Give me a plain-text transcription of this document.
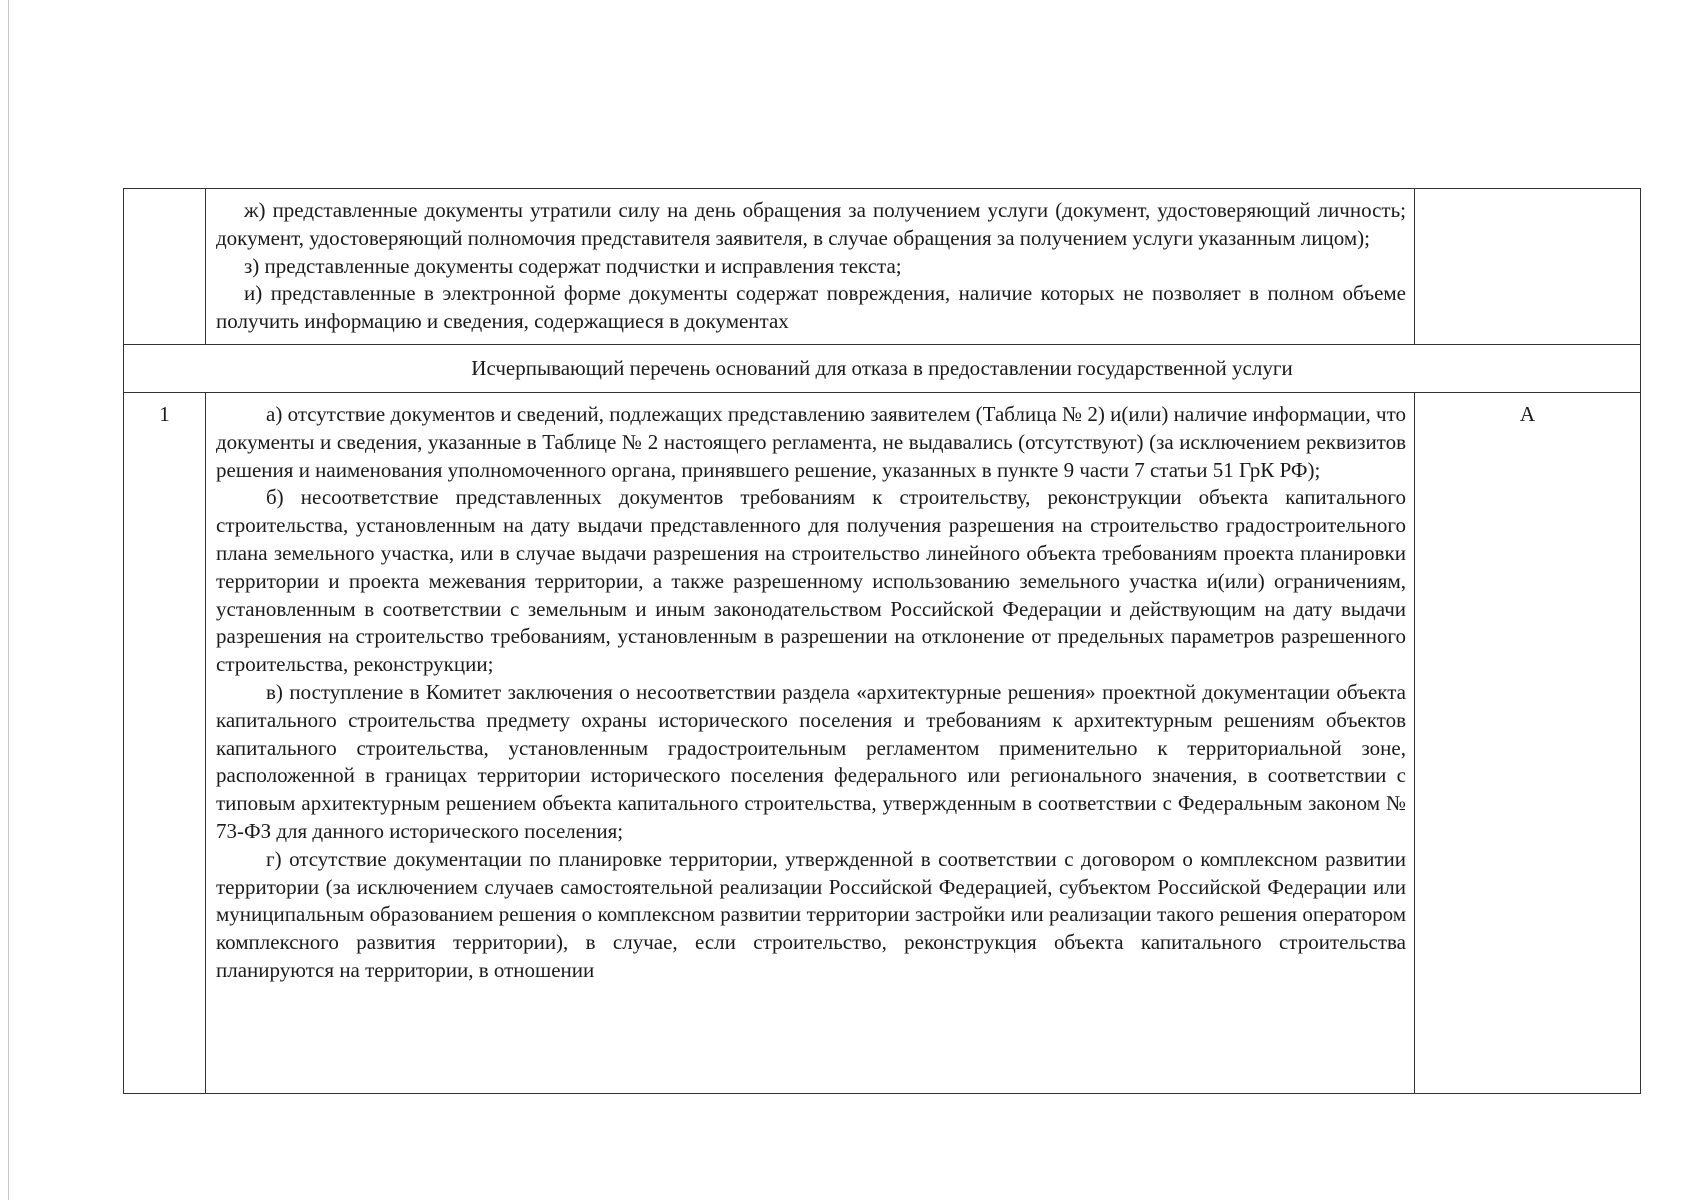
	ж) представленные документы утратили силу на день обращения за получением услуги (документ, удостоверяющий личность; документ, удостоверяющий полномочия представителя заявителя, в случае обращения за получением услуги указанным лицом);

з) представленные документы содержат подчистки и исправления текста;

и) представленные в электронной форме документы содержат повреждения, наличие которых не позволяет в полном объеме получить информацию и сведения, содержащиеся в документах	

Исчерпывающий перечень оснований для отказа в предоставлении государственной услуги		
1	а) отсутствие документов и сведений, подлежащих представлению заявителем (Таблица № 2) и(или) наличие информации, что документы и сведения, указанные в Таблице № 2 настоящего регламента, не выдавались (отсутствуют) (за исключением реквизитов решения и наименования уполномоченного органа, принявшего решение, указанных в пункте 9 части 7 статьи 51 ГрК РФ);

б) несоответствие представленных документов требованиям к строительству, реконструкции объекта капитального строительства, установленным на дату выдачи представленного для получения разрешения на строительство градостроительного плана земельного участка, или в случае выдачи разрешения на строительство линейного объекта требованиям проекта планировки территории и проекта межевания территории, а также разрешенному использованию земельного участка и(или) ограничениям, установленным в соответствии с земельным и иным законодательством Российской Федерации и действующим на дату выдачи разрешения на строительство требованиям, установленным в разрешении на отклонение от предельных параметров разрешенного строительства, реконструкции;

в) поступление в Комитет заключения о несоответствии раздела «архитектурные решения» проектной документации объекта капитального строительства предмету охраны исторического поселения и требованиям к архитектурным решениям объектов капитального строительства, установленным градостроительным регламентом применительно к территориальной зоне, расположенной в границах территории исторического поселения федерального или регионального значения, в соответствии с типовым архитектурным решением объекта капитального строительства, утвержденным в соответствии с Федеральным законом № 73-ФЗ для данного исторического поселения;

г) отсутствие документации по планировке территории, утвержденной в соответствии с договором о комплексном развитии территории (за исключением случаев самостоятельной реализации Российской Федерацией, субъектом Российской Федерации или муниципальным образованием решения о комплексном развитии территории застройки или реализации такого решения оператором комплексного развития территории), в случае, если строительство, реконструкция объекта капитального строительства планируются на территории, в отношении	А
